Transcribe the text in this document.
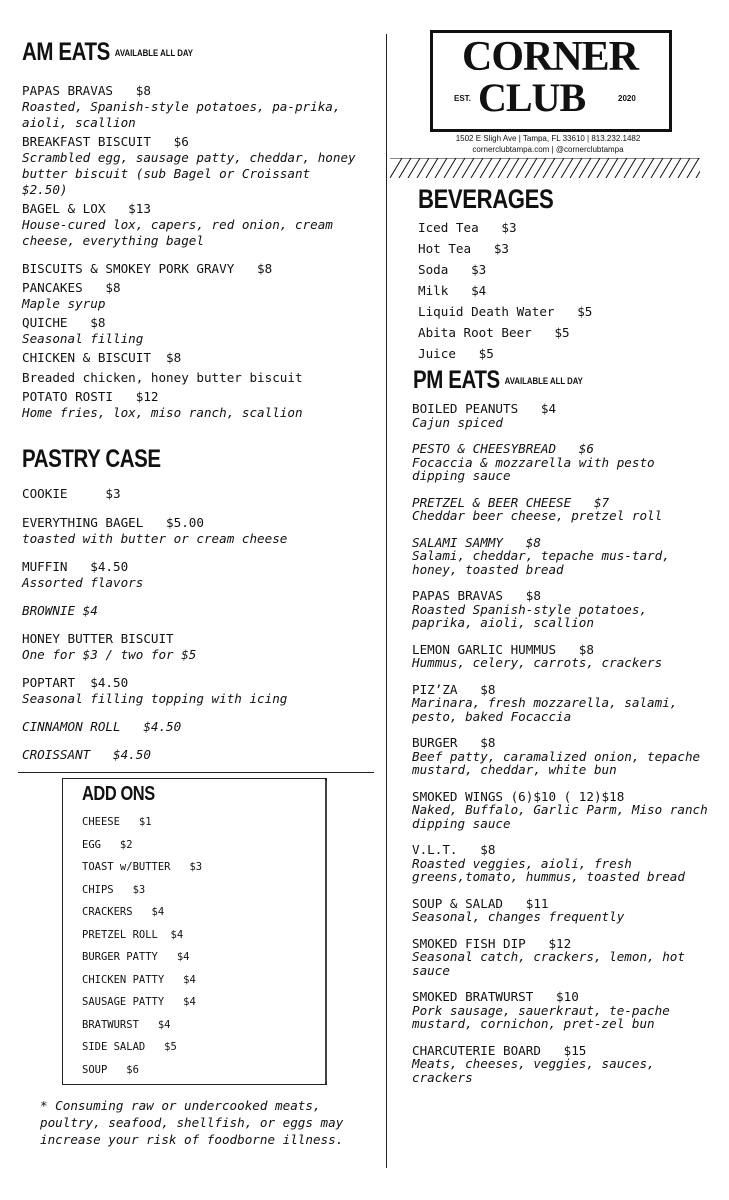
CORNER
CLUB
EST.	2020
1502 E Sligh Ave | Tampa, FL 33610 | 813.232.1482
cornerclubtampa.com | @cornerclubtampa
AM EATS AVAILABLE ALL DAY
PAPAS BRAVAS   $8
Roasted, Spanish-style potatoes, pa-prika, aioli, scallion
BREAKFAST BISCUIT   $6
Scrambled egg, sausage patty, cheddar, honey butter biscuit (sub Bagel or Croissant $2.50)
BAGEL & LOX   $13
House-cured lox, capers, red onion, cream cheese, everything bagel
BISCUITS & SMOKEY PORK GRAVY   $8
PANCAKES   $8
Maple syrup
QUICHE   $8
Seasonal filling
CHICKEN & BISCUIT  $8
Breaded chicken, honey butter biscuit
POTATO ROSTI   $12
Home fries, lox, miso ranch, scallion
PASTRY CASE
COOKIE     $3
EVERYTHING BAGEL   $5.00
toasted with butter or cream cheese
MUFFIN   $4.50
Assorted flavors
BROWNIE $4
HONEY BUTTER BISCUIT
One for $3 / two for $5
POPTART  $4.50
Seasonal filling topping with icing
CINNAMON ROLL   $4.50
CROISSANT   $4.50
ADD ONS
CHEESE   $1
EGG   $2
TOAST w/BUTTER   $3
CHIPS   $3
CRACKERS   $4
PRETZEL ROLL  $4
BURGER PATTY   $4
CHICKEN PATTY   $4
SAUSAGE PATTY   $4
BRATWURST   $4
SIDE SALAD   $5
SOUP   $6
* Consuming raw or undercooked meats, poultry, seafood, shellfish, or eggs may increase your risk of foodborne illness.
BEVERAGES
Iced Tea   $3
Hot Tea   $3
Soda   $3
Milk   $4
Liquid Death Water   $5
Abita Root Beer   $5
Juice   $5
PM EATS AVAILABLE ALL DAY
BOILED PEANUTS   $4
Cajun spiced
PESTO & CHEESYBREAD   $6
Focaccia & mozzarella with pesto dipping sauce
PRETZEL & BEER CHEESE   $7
Cheddar beer cheese, pretzel roll
SALAMI SAMMY   $8
Salami, cheddar, tepache mus-tard, honey, toasted bread
PAPAS BRAVAS   $8
Roasted Spanish-style potatoes, paprika, aioli, scallion
LEMON GARLIC HUMMUS   $8
Hummus, celery, carrots, crackers
PIZ’ZA   $8
Marinara, fresh mozzarella, salami, pesto, baked Focaccia
BURGER   $8
Beef patty, caramalized onion, tepache mustard, cheddar, white bun
SMOKED WINGS (6)$10 ( 12)$18
Naked, Buffalo, Garlic Parm, Miso ranch dipping sauce
V.L.T.   $8
Roasted veggies, aioli, fresh greens,tomato, hummus, toasted bread
SOUP & SALAD   $11
Seasonal, changes frequently
SMOKED FISH DIP   $12
Seasonal catch, crackers, lemon, hot sauce
SMOKED BRATWURST   $10
Pork sausage, sauerkraut, te-pache mustard, cornichon, pret-zel bun
CHARCUTERIE BOARD   $15
Meats, cheeses, veggies, sauces, crackers
